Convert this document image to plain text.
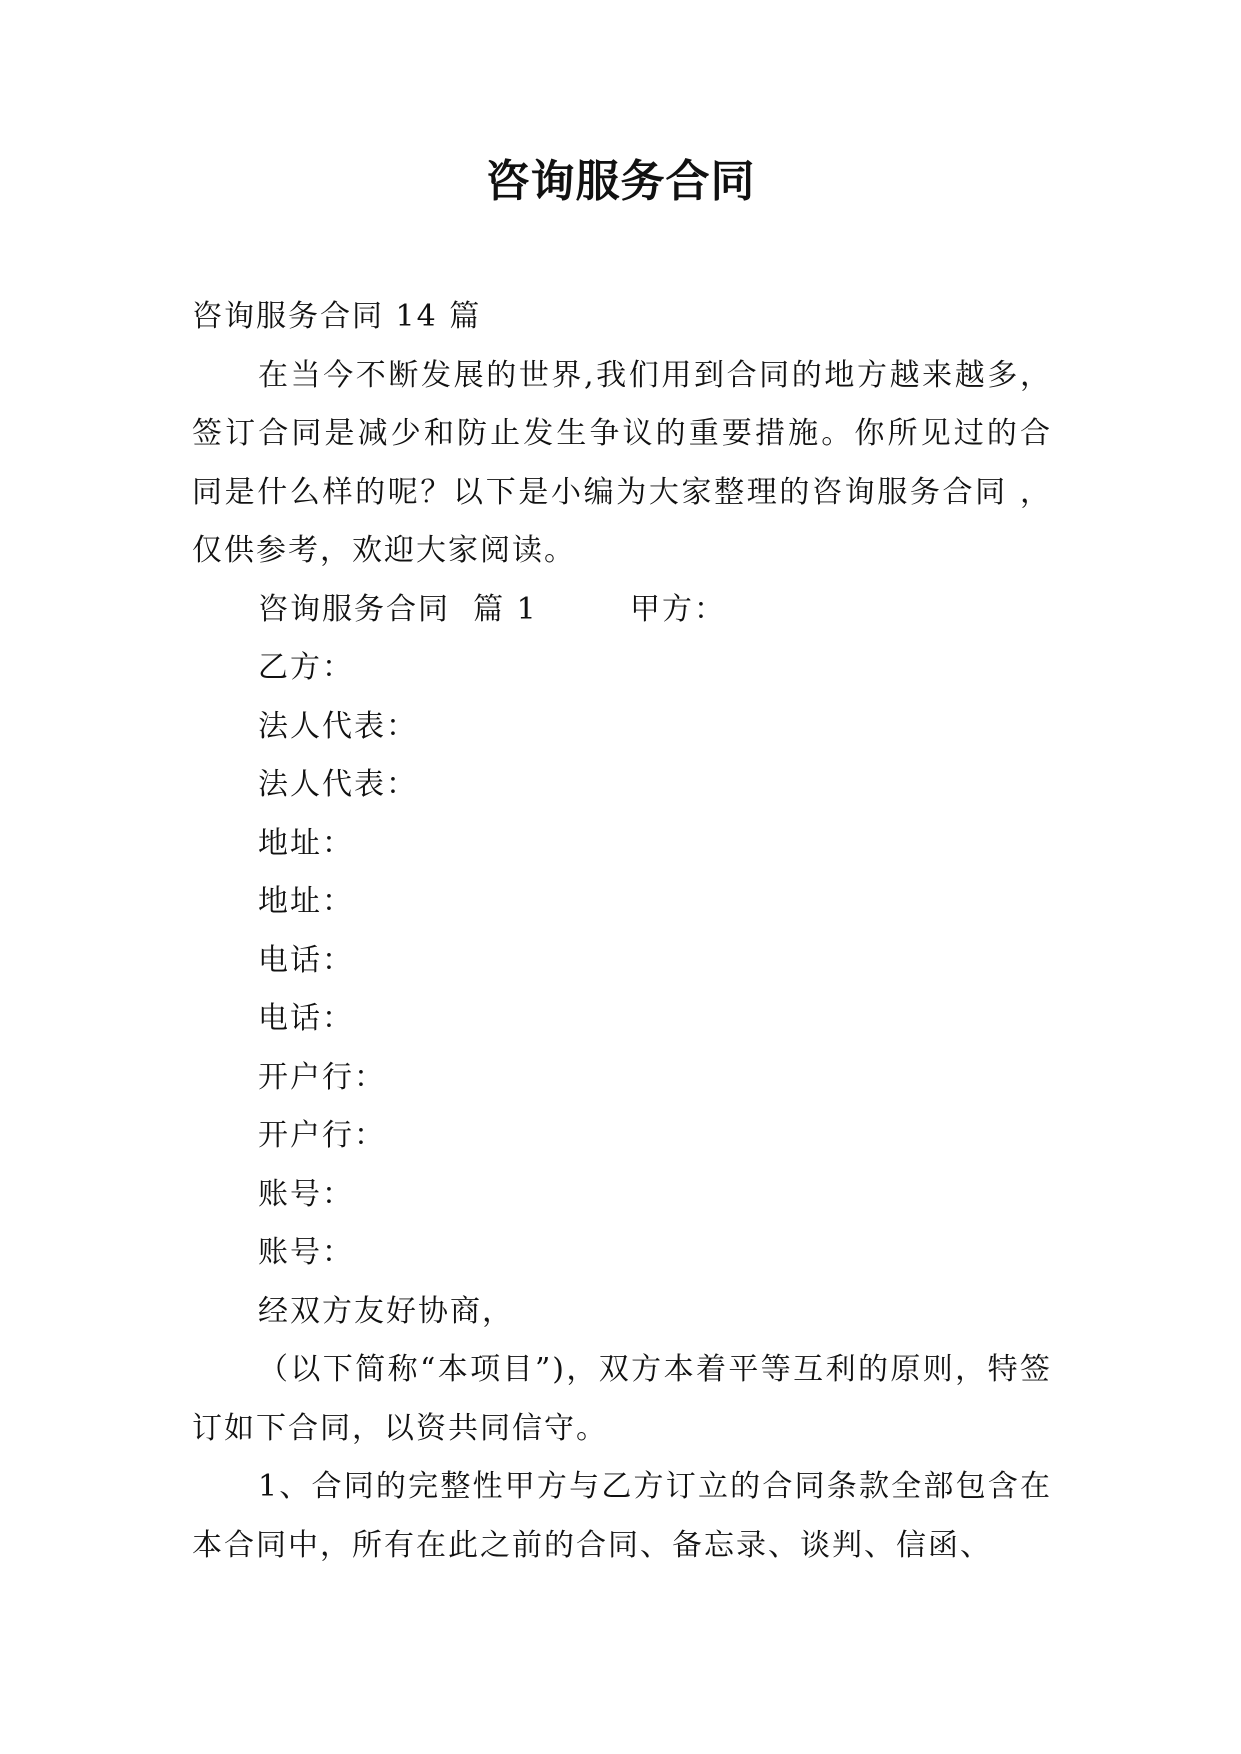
咨询服务合同

咨询服务合同 14 篇

在当今不断发展的世界,我们用到合同的地方越来越多，签订合同是减少和防止发生争议的重要措施。你所见过的合同是什么样的呢？以下是小编为大家整理的咨询服务合同 ，仅供参考，欢迎大家阅读。

咨询服务合同  篇 1        甲方：

乙方：

法人代表：

法人代表：

地址：

地址：

电话：

电话：

开户行：

开户行：

账号：

账号：

经双方友好协商，

（以下简称“本项目”)，双方本着平等互利的原则，特签订如下合同，以资共同信守。

1、合同的完整性甲方与乙方订立的合同条款全部包含在本合同中，所有在此之前的合同、备忘录、谈判、信函、
